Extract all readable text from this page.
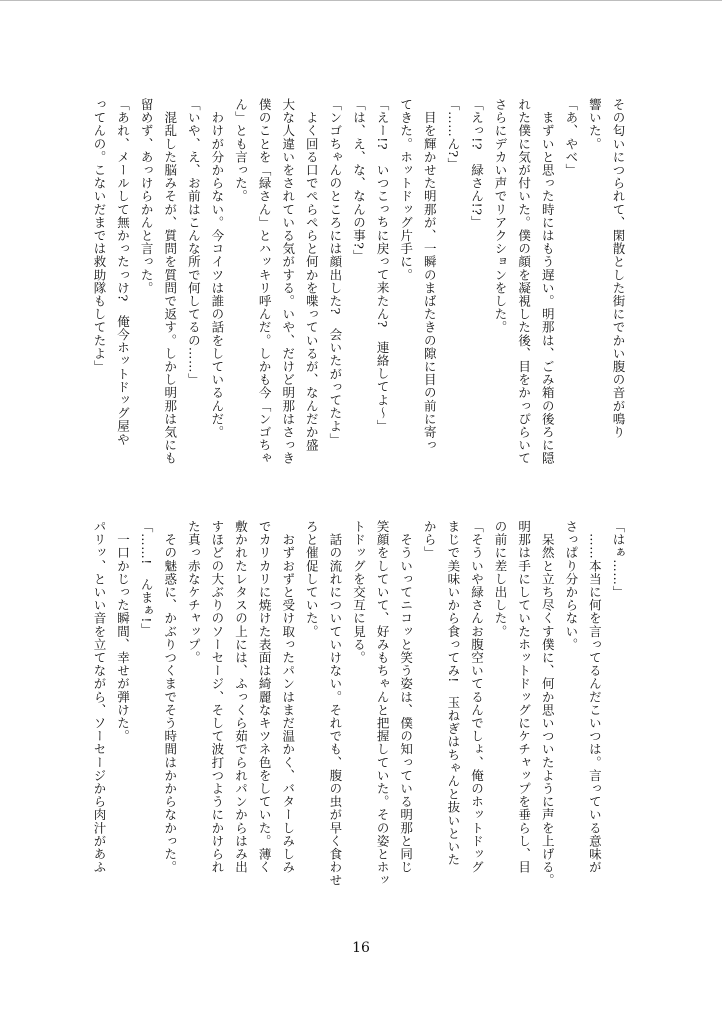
その匂いにつられて、閑散とした街にでかい腹の音が鳴り
響いた。
「あ、やべ」
　まずいと思った時にはもう遅い。明那は、ごみ箱の後ろに隠
れた僕に気が付いた。僕の顔を凝視した後、目をかっぴらいて
さらにデカい声でリアクションをした。
「えっ!?　緑さん!?」
「……ん?」
　目を輝かせた明那が、一瞬のまばたきの隙に目の前に寄っ
てきた。ホットドッグ片手に。
「えー!?　いつこっちに戻って来たん?　連絡してよ〜」
「は、え、な、なんの事?」
「ンゴちゃんのところには顔出した?　会いたがってたよ」
　よく回る口でぺらぺらと何かを喋っているが、なんだか盛
大な人違いをされている気がする。いや、だけど明那はさっき
僕のことを「緑さん」とハッキリ呼んだ。しかも今「ンゴちゃ
ん」とも言った。
　わけが分からない。今コイツは誰の話をしているんだ。
「いや、え、お前はこんな所で何してるの……」
　混乱した脳みそが、質問を質問で返す。しかし明那は気にも
留めず、あっけらかんと言った。
「あれ、メールして無かったっけ?　俺今ホットドッグ屋や
ってんの。こないだまでは救助隊もしてたよ」
「はぁ……」
　……本当に何を言ってるんだこいつは。言っている意味が
さっぱり分からない。
　呆然と立ち尽くす僕に、何か思いついたように声を上げる。
明那は手にしていたホットドッグにケチャップを垂らし、目
の前に差し出した。
「そういや緑さんお腹空いてるんでしょ、俺のホットドッグ
まじで美味いから食ってみ!　玉ねぎはちゃんと抜いといた
から」
　そういってニコッと笑う姿は、僕の知っている明那と同じ
笑顔をしていて、好みもちゃんと把握していた。その姿とホッ
トドッグを交互に見る。
　話の流れについていけない。それでも、腹の虫が早く食わせ
ろと催促していた。
　おずおずと受け取ったパンはまだ温かく、バターしみしみ
でカリカリに焼けた表面は綺麗なキツネ色をしていた。薄く
敷かれたレタスの上には、ふっくら茹でられパンからはみ出
すほどの大ぶりのソーセージ、そして波打つようにかけられ
た真っ赤なケチャップ。
　その魅惑に、かぶりつくまでそう時間はかからなかった。
「……!　んまぁ!」
　一口かじった瞬間、幸せが弾けた。
パリッ、といい音を立てながら、ソーセージから肉汁があふ
16
